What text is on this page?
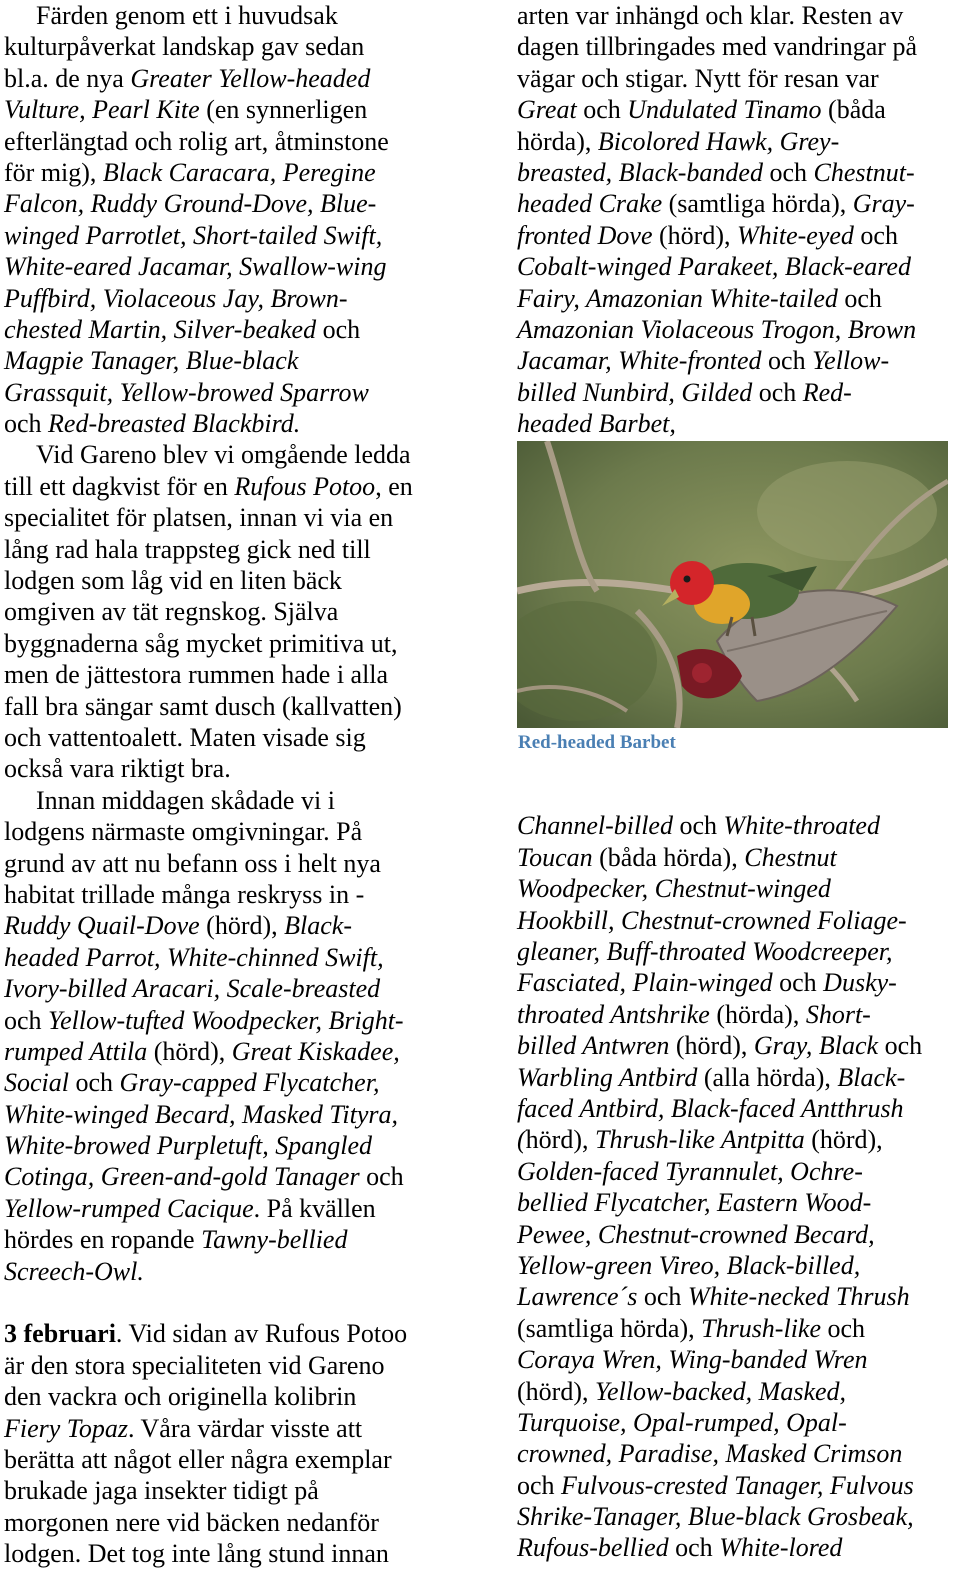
Färden genom ett i huvudsak
kulturpåverkat landskap gav sedan
bl.a. de nya Greater Yellow-headed
Vulture, Pearl Kite (en synnerligen
efterlängtad och rolig art, åtminstone
för mig), Black Caracara, Peregine
Falcon, Ruddy Ground-Dove, Blue-
winged Parrotlet, Short-tailed Swift,
White-eared Jacamar, Swallow-wing
Puffbird, Violaceous Jay, Brown-
chested Martin, Silver-beaked och
Magpie Tanager, Blue-black
Grassquit, Yellow-browed Sparrow
och Red-breasted Blackbird.
Vid Gareno blev vi omgående ledda
till ett dagkvist för en Rufous Potoo, en
specialitet för platsen, innan vi via en
lång rad hala trappsteg gick ned till
lodgen som låg vid en liten bäck
omgiven av tät regnskog. Själva
byggnaderna såg mycket primitiva ut,
men de jättestora rummen hade i alla
fall bra sängar samt dusch (kallvatten)
och vattentoalett. Maten visade sig
också vara riktigt bra.
Innan middagen skådade vi i
lodgens närmaste omgivningar. På
grund av att nu befann oss i helt nya
habitat trillade många reskryss in -
Ruddy Quail-Dove (hörd), Black-
headed Parrot, White-chinned Swift,
Ivory-billed Aracari, Scale-breasted
och Yellow-tufted Woodpecker, Bright-
rumped Attila (hörd), Great Kiskadee,
Social och Gray-capped Flycatcher,
White-winged Becard, Masked Tityra,
White-browed Purpletuft, Spangled
Cotinga, Green-and-gold Tanager och
Yellow-rumped Cacique. På kvällen
hördes en ropande Tawny-bellied
Screech-Owl.
3 februari. Vid sidan av Rufous Potoo
är den stora specialiteten vid Gareno
den vackra och originella kolibrin
Fiery Topaz. Våra värdar visste att
berätta att något eller några exemplar
brukade jaga insekter tidigt på
morgonen nere vid bäcken nedanför
lodgen. Det tog inte lång stund innan
arten var inhängd och klar. Resten av
dagen tillbringades med vandringar på
vägar och stigar. Nytt för resan var
Great och Undulated Tinamo (båda
hörda), Bicolored Hawk, Grey-
breasted, Black-banded och Chestnut-
headed Crake (samtliga hörda), Gray-
fronted Dove (hörd), White-eyed och
Cobalt-winged Parakeet, Black-eared
Fairy, Amazonian White-tailed och
Amazonian Violaceous Trogon, Brown
Jacamar, White-fronted och Yellow-
billed Nunbird, Gilded och Red-
headed Barbet,
Red-headed Barbet
Channel-billed och White-throated
Toucan (båda hörda), Chestnut
Woodpecker, Chestnut-winged
Hookbill, Chestnut-crowned Foliage-
gleaner, Buff-throated Woodcreeper,
Fasciated, Plain-winged och Dusky-
throated Antshrike (hörda), Short-
billed Antwren (hörd), Gray, Black och
Warbling Antbird (alla hörda), Black-
faced Antbird, Black-faced Antthrush
(hörd), Thrush-like Antpitta (hörd),
Golden-faced Tyrannulet, Ochre-
bellied Flycatcher, Eastern Wood-
Pewee, Chestnut-crowned Becard,
Yellow-green Vireo, Black-billed,
Lawrence´s och White-necked Thrush
(samtliga hörda), Thrush-like och
Coraya Wren, Wing-banded Wren
(hörd), Yellow-backed, Masked,
Turquoise, Opal-rumped, Opal-
crowned, Paradise, Masked Crimson
och Fulvous-crested Tanager, Fulvous
Shrike-Tanager, Blue-black Grosbeak,
Rufous-bellied och White-lored
